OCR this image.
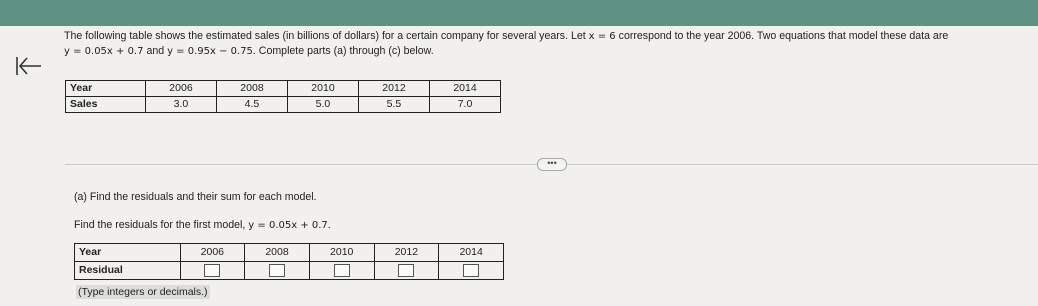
The following table shows the estimated sales (in billions of dollars) for a certain company for several years. Let x = 6 correspond to the year 2006. Two equations that model these data are
y = 0.05x + 0.7 and y = 0.95x − 0.75. Complete parts (a) through (c) below.
Year	2006	2008	2010	2012	2014
Sales	3.0	4.5	5.0	5.5	7.0
•••
(a) Find the residuals and their sum for each model.
Find the residuals for the first model, y = 0.05x + 0.7.
Year	2006	2008	2010	2012	2014
Residual					
(Type integers or decimals.)
